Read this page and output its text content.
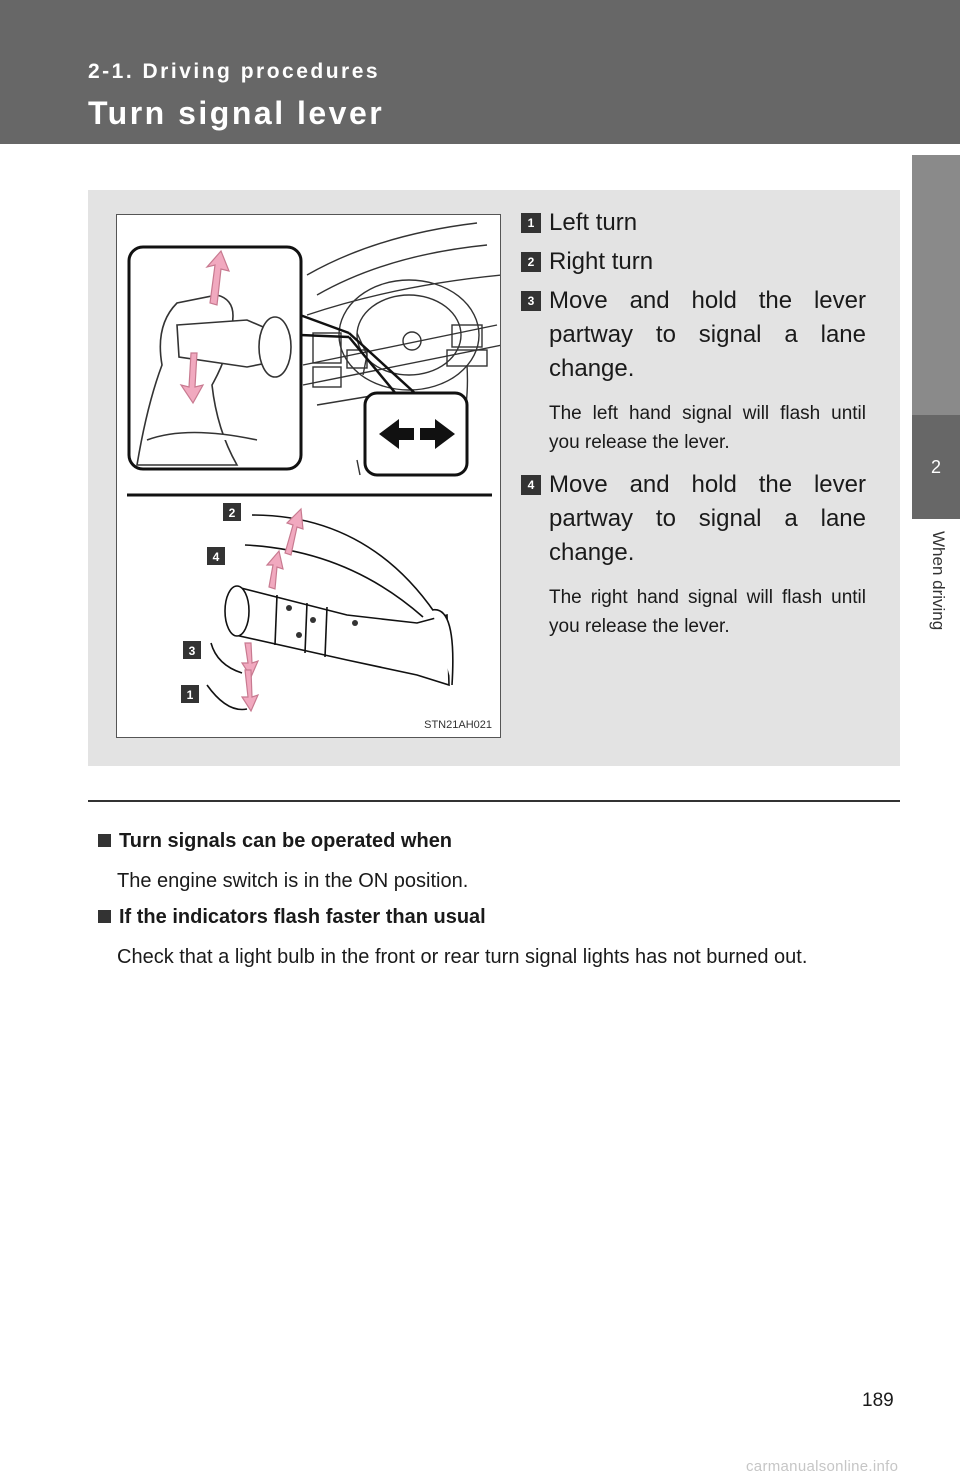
2-1. Driving procedures
Turn signal lever
2
When driving
2
4
3
1
STN21AH021
1 Left turn
2 Right turn
3 Move and hold the lever partway to signal a lane change.
The left hand signal will flash until you release the lever.
4 Move and hold the lever partway to signal a lane change.
The right hand signal will flash until you release the lever.
Turn signals can be operated when
The engine switch is in the ON position.
If the indicators flash faster than usual
Check that a light bulb in the front or rear turn signal lights has not burned out.
189
carmanualsonline.info
